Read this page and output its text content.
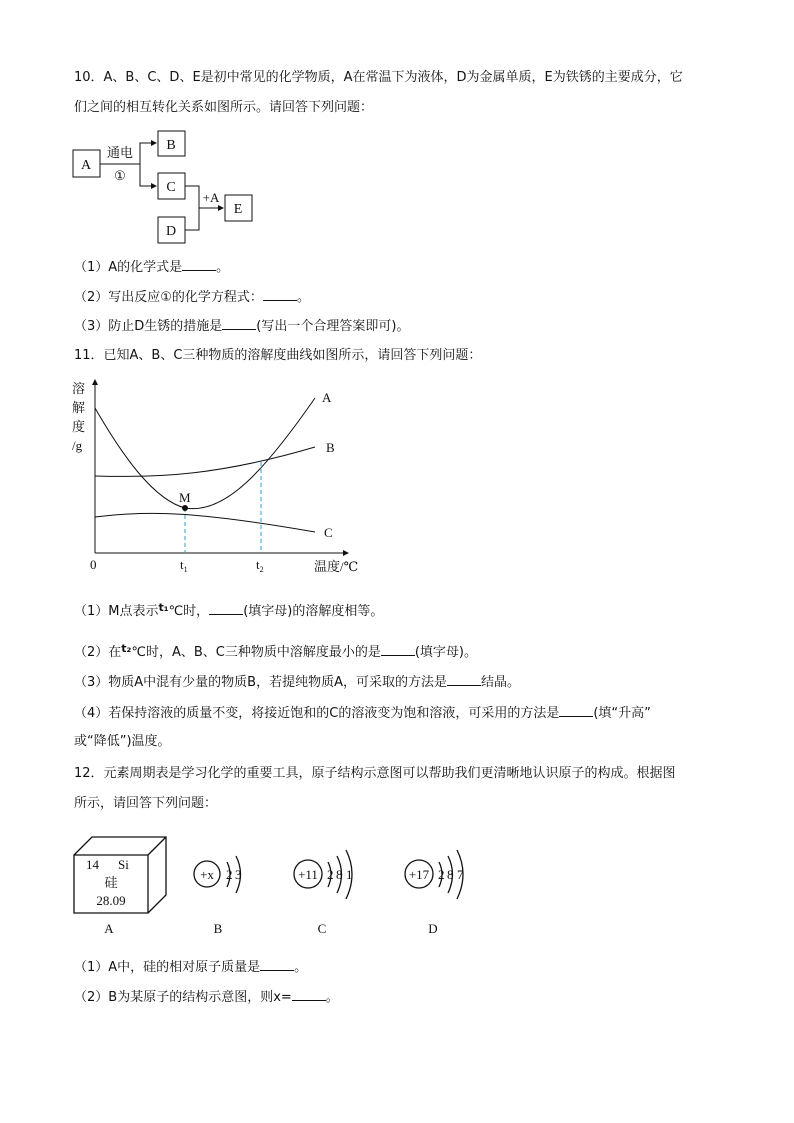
10．A、B、C、D、E是初中常见的化学物质，A在常温下为液体，D为金属单质，E为铁锈的主要成分，它
们之间的相互转化关系如图所示。请回答下列问题：
A
B
C
D
E
通电
①
+A
（1）A的化学式是	。
（2）写出反应①的化学方程式：	。
（3）防止D生锈的措施是	(写出一个合理答案即可)。
11．已知A、B、C三种物质的溶解度曲线如图所示，请回答下列问题：
溶
解
度
/g
0	$t_1$	$t_2$	温度/℃
M
A
B
C
（1）M点表示$^{t_1}$℃时，	(填字母)的溶解度相等。
（2）在$^{t_2}$℃时，A、B、C三种物质中溶解度最小的是	(填字母)。
（3）物质A中混有少量的物质B，若提纯物质A，可采取的方法是	结晶。
（4）若保持溶液的质量不变，将接近饱和的C的溶液变为饱和溶液，可采用的方法是	(填“升高”
或“降低”)温度。
12．元素周期表是学习化学的重要工具，原子结构示意图可以帮助我们更清晰地认识原子的构成。根据图
所示，请回答下列问题：
14 Si
硅
28.09
+x 2 3	+11 2 8 1	+17 2 8 7
A	B	C	D
（1）A中，硅的相对原子质量是	。
（2）B为某原子的结构示意图，则x=	。
